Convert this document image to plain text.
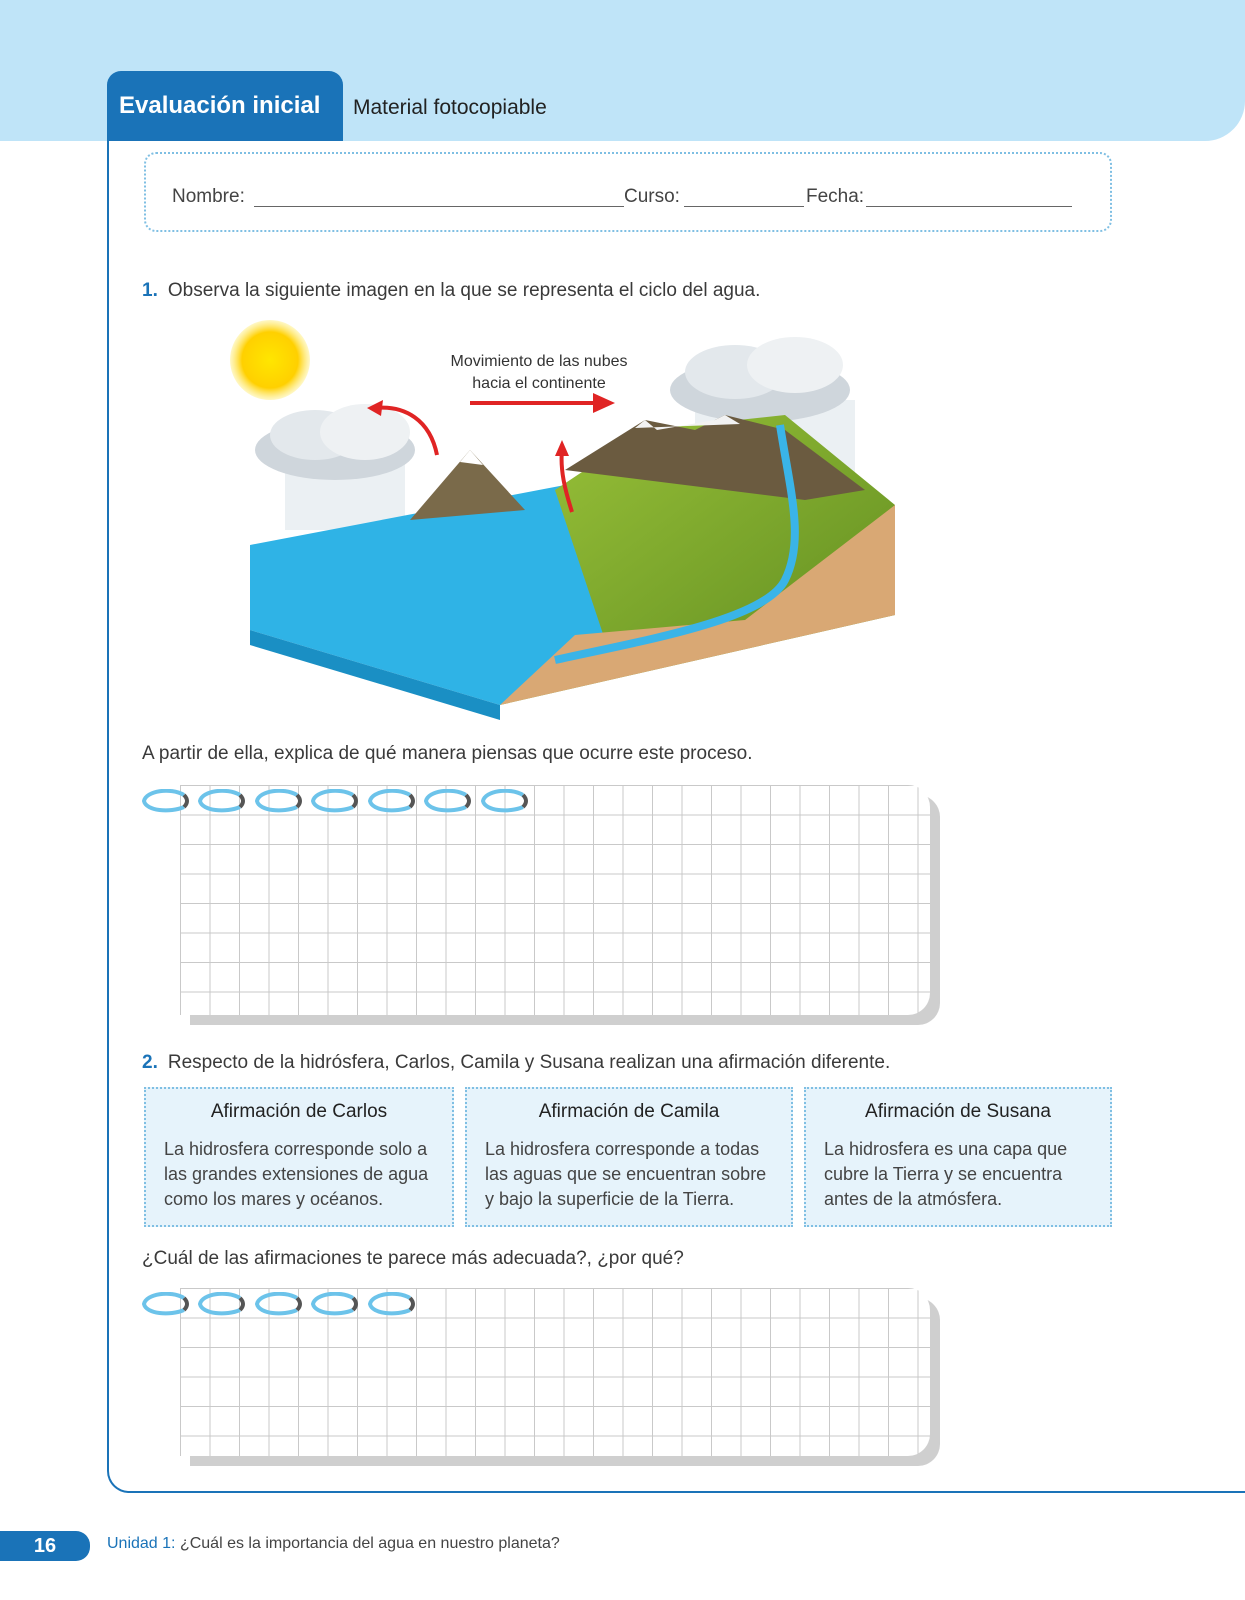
Evaluación inicial	Material fotocopiable
Nombre:	Curso:	Fecha:
1. Observa la siguiente imagen en la que se representa el ciclo del agua.
Movimiento de las nubes
hacia el continente
A partir de ella, explica de qué manera piensas que ocurre este proceso.

2. Respecto de la hidrósfera, Carlos, Camila y Susana realizan una afirmación diferente.
Afirmación de Carlos
La hidrosfera corresponde solo a las grandes extensiones de agua como los mares y océanos.
Afirmación de Camila
La hidrosfera corresponde a todas las aguas que se encuentran sobre y bajo la superficie de la Tierra.
Afirmación de Susana
La hidrosfera es una capa que cubre la Tierra y se encuentra antes de la atmósfera.
¿Cuál de las afirmaciones te parece más adecuada?, ¿por qué?

16	Unidad 1: ¿Cuál es la importancia del agua en nuestro planeta?
